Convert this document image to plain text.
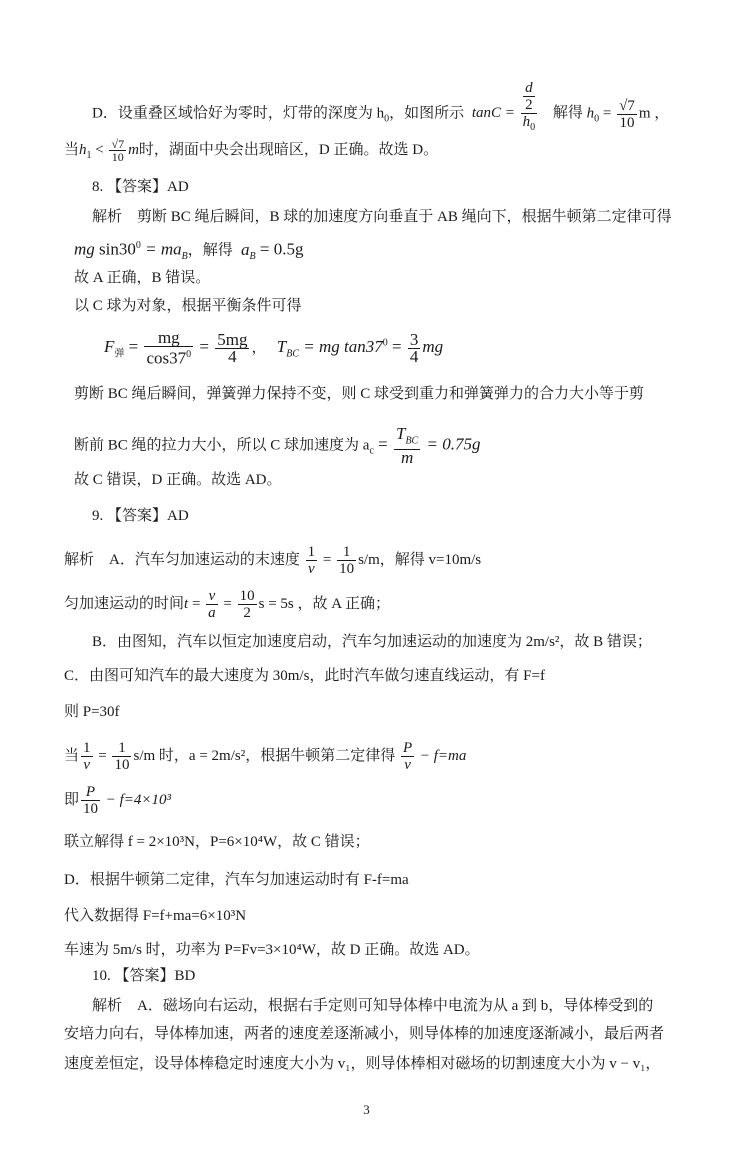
D．设重叠区域恰好为零时，灯带的深度为 $h_0$，如图所示 $\tan C = \frac{\frac{d}{2}}{h_0}$ 解得 $h_0 = \frac{√7}{10}$ m ，
当$h_1 < \frac{√7}{10}$ m时，湖面中央会出现暗区，D 正确。故选 D。
8. 【答案】AD
解析　剪断 BC 绳后瞬间，B 球的加速度方向垂直于 AB 绳向下，根据牛顿第二定律可得
mg $\sin 30^0 = ma_B$，解得 $a_B = 0.5g$
故 A 正确，B 错误。
以 C 球为对象，根据平衡条件可得
$F_弹 = \frac{mg}{\cos 37^0} = \frac{5mg}{4}$ ， $T_{BC}$ = mg $\tan 37^0 = \frac{3}{4}$ mg
剪断 BC 绳后瞬间，弹簧弹力保持不变，则 C 球受到重力和弹簧弹力的合力大小等于剪
断前 BC 绳的拉力大小，所以 C 球加速度为 $a_c = \frac{T_{BC}}{m} = 0.75g$
故 C 错误，D 正确。故选 AD。
9. 【答案】AD
解析　A．汽车匀加速运动的末速度 $\frac{1}{v} = \frac{1}{10} s/m$，解得 v=10m/s
匀加速运动的时间$t = \frac{v}{a} = \frac{10}{2}$ s = 5s ，故 A 正确；
B．由图知，汽车以恒定加速度启动，汽车匀加速运动的加速度为 2m/s²，故 B 错误；
C．由图可知汽车的最大速度为 30m/s，此时汽车做匀速直线运动，有 F=f
则 P=30f
当 $\frac{1}{v} = \frac{1}{10} s/m$ 时，a = 2m/s²，根据牛顿第二定律得 $\frac{P}{v} - f=ma$
即 $\frac{P}{10} - f=4\times 10^3$
联立解得 f = 2×10³N，P=6×10⁴W，故 C 错误；
D．根据牛顿第二定律，汽车匀加速运动时有 F-f=ma
代入数据得 F=f+ma=6×10³N
车速为 5m/s 时，功率为 P=Fv=3×10⁴W，故 D 正确。故选 AD。
10. 【答案】BD
解析　A．磁场向右运动，根据右手定则可知导体棒中电流为从 a 到 b，导体棒受到的
安培力向右，导体棒加速，两者的速度差逐渐减小，则导体棒的加速度逐渐减小，最后两者
速度差恒定，设导体棒稳定时速度大小为 v₁，则导体棒相对磁场的切割速度大小为 v − v₁，
3
